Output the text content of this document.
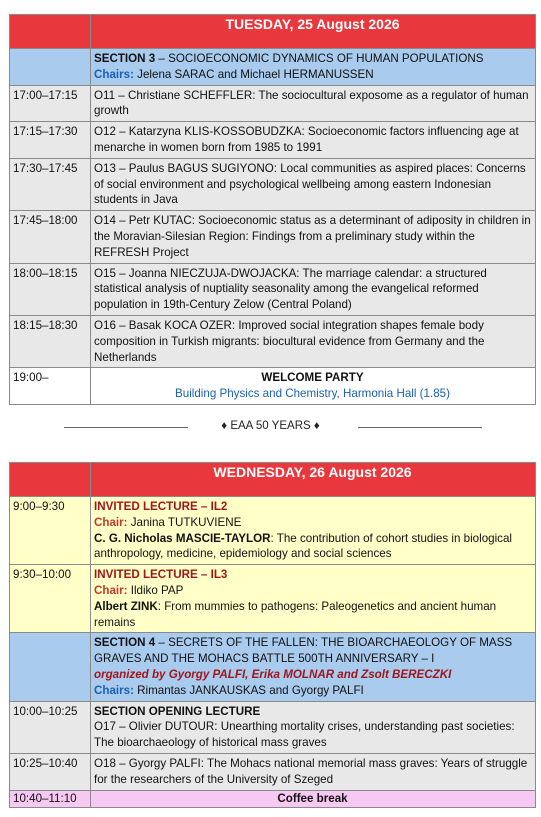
	TUESDAY, 25 August 2026
	SECTION 3 – SOCIOECONOMIC DYNAMICS OF HUMAN POPULATIONS
Chairs: Jelena SARAC and Michael HERMANUSSEN
17:00–17:15	O11 – Christiane SCHEFFLER: The sociocultural exposome as a regulator of human growth
17:15–17:30	O12 – Katarzyna KLIS-KOSSOBUDZKA: Socioeconomic factors influencing age at menarche in women born from 1985 to 1991
17:30–17:45	O13 – Paulus BAGUS SUGIYONO: Local communities as aspired places: Concerns of social environment and psychological wellbeing among eastern Indonesian students in Java
17:45–18:00	O14 – Petr KUTAC: Socioeconomic status as a determinant of adiposity in children in the Moravian-Silesian Region: Findings from a preliminary study within the REFRESH Project
18:00–18:15	O15 – Joanna NIECZUJA-DWOJACKA: The marriage calendar: a structured statistical analysis of nuptiality seasonality among the evangelical reformed population in 19th-Century Zelow (Central Poland)
18:15–18:30	O16 – Basak KOCA OZER: Improved social integration shapes female body composition in Turkish migrants: biocultural evidence from Germany and the Netherlands
19:00–	WELCOME PARTY
Building Physics and Chemistry, Harmonia Hall (1.85)
♦ EAA 50 YEARS ♦
	WEDNESDAY, 26 August 2026
9:00–9:30	INVITED LECTURE – IL2
Chair: Janina TUTKUVIENE
C. G. Nicholas MASCIE-TAYLOR: The contribution of cohort studies in biological anthropology, medicine, epidemiology and social sciences
9:30–10:00	INVITED LECTURE – IL3
Chair: Ildiko PAP
Albert ZINK: From mummies to pathogens: Paleogenetics and ancient human remains
	SECTION 4 – SECRETS OF THE FALLEN: THE BIOARCHAEOLOGY OF MASS GRAVES AND THE MOHACS BATTLE 500TH ANNIVERSARY – I
organized by Gyorgy PALFI, Erika MOLNAR and Zsolt BERECZKI
Chairs: Rimantas JANKAUSKAS and Gyorgy PALFI
10:00–10:25	SECTION OPENING LECTURE
O17 – Olivier DUTOUR: Unearthing mortality crises, understanding past societies: The bioarchaeology of historical mass graves
10:25–10:40	O18 – Gyorgy PALFI: The Mohacs national memorial mass graves: Years of struggle for the researchers of the University of Szeged
10:40–11:10	Coffee break
